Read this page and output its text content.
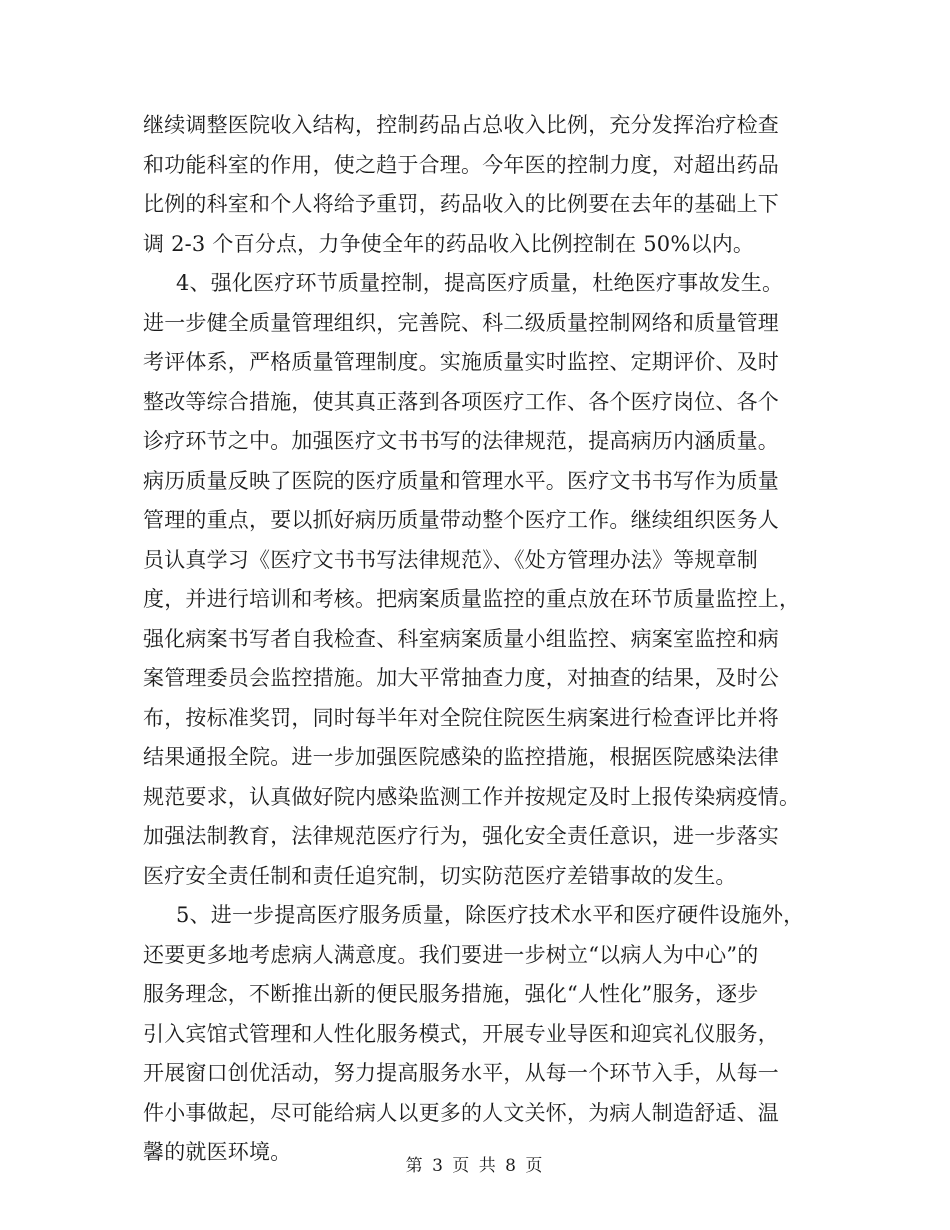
继续调整医院收入结构，控制药品占总收入比例，充分发挥治疗检查
和功能科室的作用，使之趋于合理。今年医的控制力度，对超出药品
比例的科室和个人将给予重罚，药品收入的比例要在去年的基础上下
调 2-3 个百分点，力争使全年的药品收入比例控制在 50%以内。
4、强化医疗环节质量控制，提高医疗质量，杜绝医疗事故发生。
进一步健全质量管理组织，完善院、科二级质量控制网络和质量管理
考评体系，严格质量管理制度。实施质量实时监控、定期评价、及时
整改等综合措施，使其真正落到各项医疗工作、各个医疗岗位、各个
诊疗环节之中。加强医疗文书书写的法律规范，提高病历内涵质量。
病历质量反映了医院的医疗质量和管理水平。医疗文书书写作为质量
管理的重点，要以抓好病历质量带动整个医疗工作。继续组织医务人
员认真学习《医疗文书书写法律规范》、《处方管理办法》等规章制
度，并进行培训和考核。把病案质量监控的重点放在环节质量监控上，
强化病案书写者自我检查、科室病案质量小组监控、病案室监控和病
案管理委员会监控措施。加大平常抽查力度，对抽查的结果，及时公
布，按标准奖罚，同时每半年对全院住院医生病案进行检查评比并将
结果通报全院。进一步加强医院感染的监控措施，根据医院感染法律
规范要求，认真做好院内感染监测工作并按规定及时上报传染病疫情。
加强法制教育，法律规范医疗行为，强化安全责任意识，进一步落实
医疗安全责任制和责任追究制，切实防范医疗差错事故的发生。
5、进一步提高医疗服务质量，除医疗技术水平和医疗硬件设施外，
还要更多地考虑病人满意度。我们要进一步树立“以病人为中心”的
服务理念，不断推出新的便民服务措施，强化“人性化”服务，逐步
引入宾馆式管理和人性化服务模式，开展专业导医和迎宾礼仪服务，
开展窗口创优活动，努力提高服务水平，从每一个环节入手，从每一
件小事做起，尽可能给病人以更多的人文关怀，为病人制造舒适、温
馨的就医环境。
第 3 页 共 8 页
